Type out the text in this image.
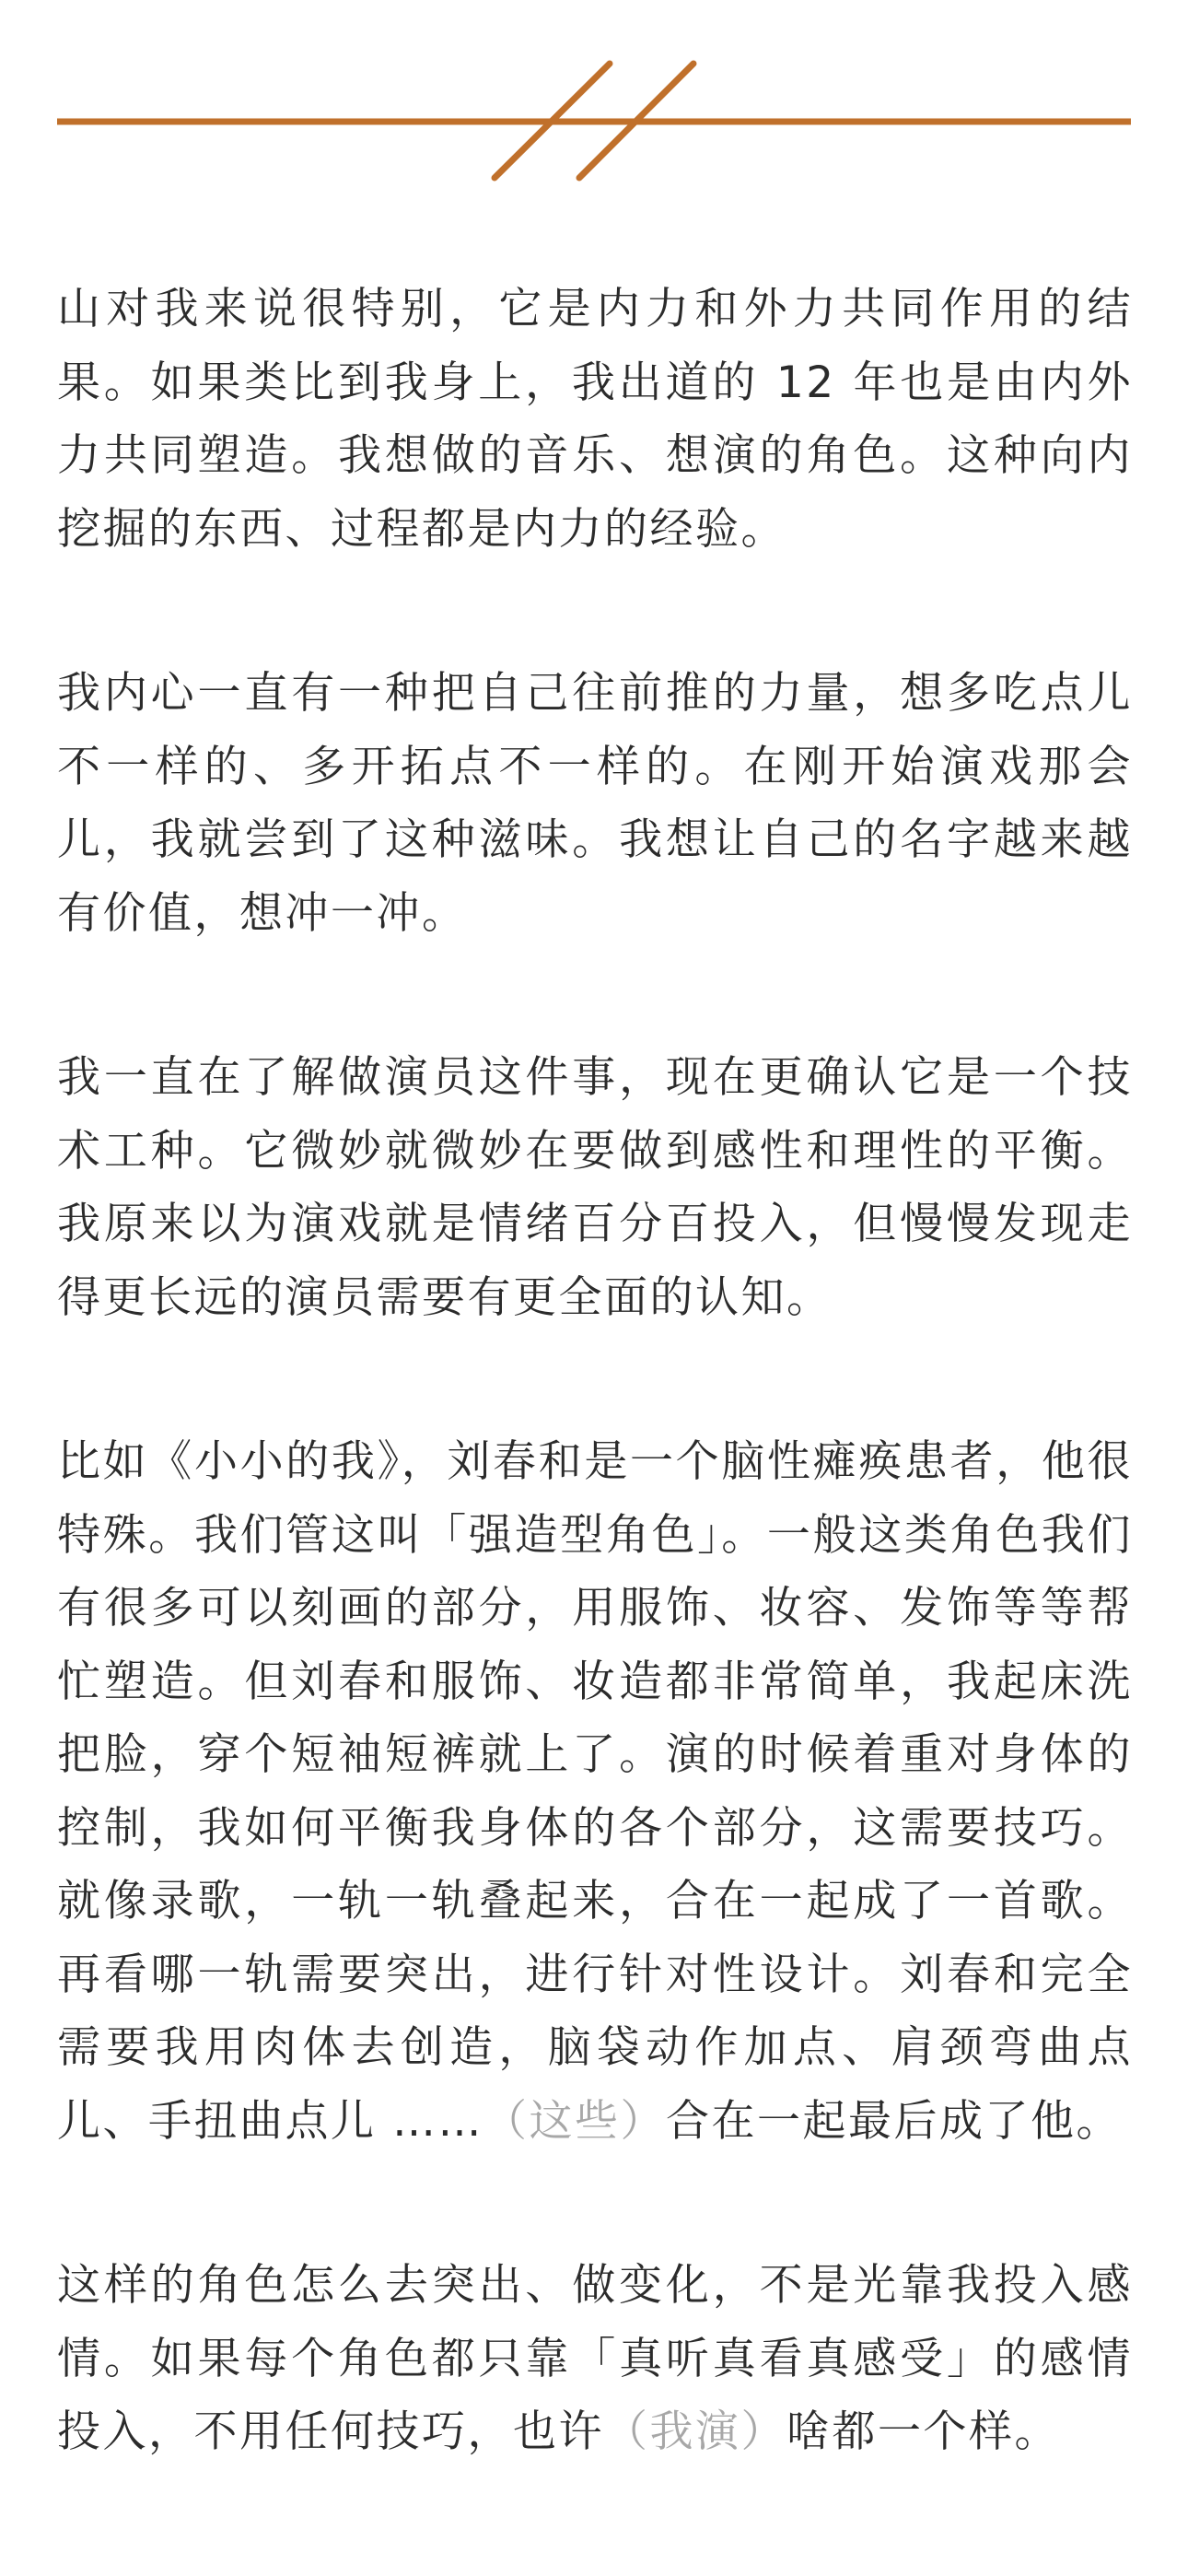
山对我来说很特别，它是内力和外力共同作用的结果。如果类比到我身上，我出道的 12 年也是由内外力共同塑造。我想做的音乐、想演的角色。这种向内挖掘的东西、过程都是内力的经验。

我内心一直有一种把自己往前推的力量，想多吃点儿不一样的、多开拓点不一样的。在刚开始演戏那会儿，我就尝到了这种滋味。我想让自己的名字越来越有价值，想冲一冲。

我一直在了解做演员这件事，现在更确认它是一个技术工种。它微妙就微妙在要做到感性和理性的平衡。我原来以为演戏就是情绪百分百投入，但慢慢发现走得更长远的演员需要有更全面的认知。

比如《小小的我》，刘春和是一个脑性瘫痪患者，他很特殊。我们管这叫「强造型角色」。一般这类角色我们有很多可以刻画的部分，用服饰、妆容、发饰等等帮忙塑造。但刘春和服饰、妆造都非常简单，我起床洗把脸，穿个短袖短裤就上了。演的时候着重对身体的控制，我如何平衡我身体的各个部分，这需要技巧。就像录歌，一轨一轨叠起来，合在一起成了一首歌。再看哪一轨需要突出，进行针对性设计。刘春和完全需要我用肉体去创造，脑袋动作加点、肩颈弯曲点儿、手扭曲点儿 ……（这些）合在一起最后成了他。

这样的角色怎么去突出、做变化，不是光靠我投入感情。如果每个角色都只靠「真听真看真感受」的感情投入，不用任何技巧，也许（我演）啥都一个样。
